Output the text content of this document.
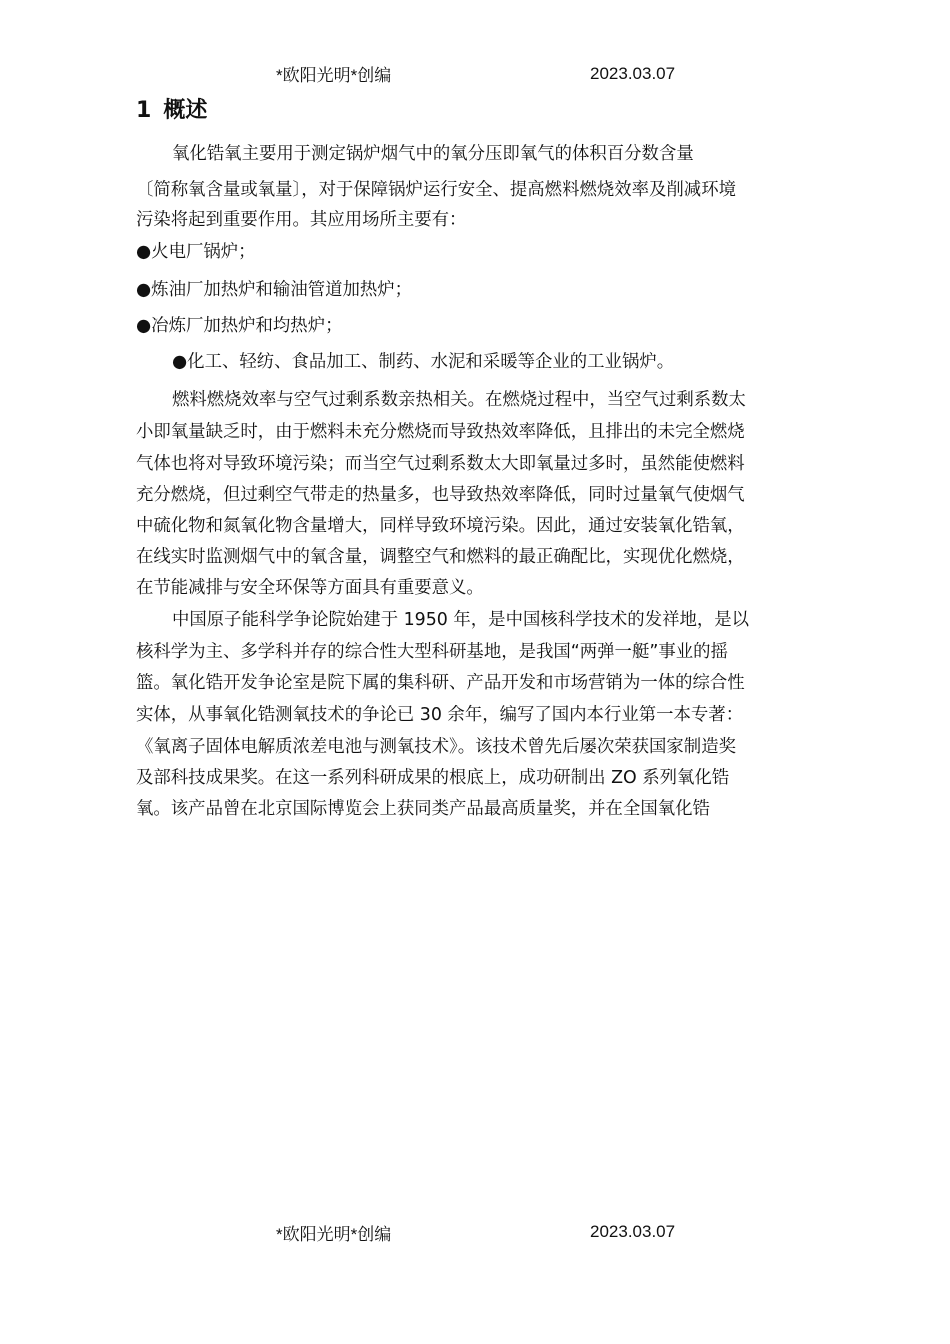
*欧阳光明*创编	2023.03.07
1 概述
氧化锆氧主要用于测定锅炉烟气中的氧分压即氧气的体积百分数含量
〔简称氧含量或氧量〕，对于保障锅炉运行安全、提高燃料燃烧效率及削减环境
污染将起到重要作用。其应用场所主要有：
●火电厂锅炉；
●炼油厂加热炉和输油管道加热炉；
●冶炼厂加热炉和均热炉；
●化工、轻纺、食品加工、制药、水泥和采暖等企业的工业锅炉。
燃料燃烧效率与空气过剩系数亲热相关。在燃烧过程中，当空气过剩系数太
小即氧量缺乏时，由于燃料未充分燃烧而导致热效率降低，且排出的未完全燃烧
气体也将对导致环境污染；而当空气过剩系数太大即氧量过多时，虽然能使燃料
充分燃烧，但过剩空气带走的热量多，也导致热效率降低，同时过量氧气使烟气
中硫化物和氮氧化物含量增大，同样导致环境污染。因此，通过安装氧化锆氧，
在线实时监测烟气中的氧含量，调整空气和燃料的最正确配比，实现优化燃烧，
在节能减排与安全环保等方面具有重要意义。
中国原子能科学争论院始建于 1950 年，是中国核科学技术的发祥地，是以
核科学为主、多学科并存的综合性大型科研基地，是我国“两弹一艇”事业的摇
篮。氧化锆开发争论室是院下属的集科研、产品开发和市场营销为一体的综合性
实体，从事氧化锆测氧技术的争论已 30 余年，编写了国内本行业第一本专著：
《氧离子固体电解质浓差电池与测氧技术》。该技术曾先后屡次荣获国家制造奖
及部科技成果奖。在这一系列科研成果的根底上，成功研制出 ZO 系列氧化锆
氧。该产品曾在北京国际博览会上获同类产品最高质量奖，并在全国氧化锆
*欧阳光明*创编	2023.03.07
